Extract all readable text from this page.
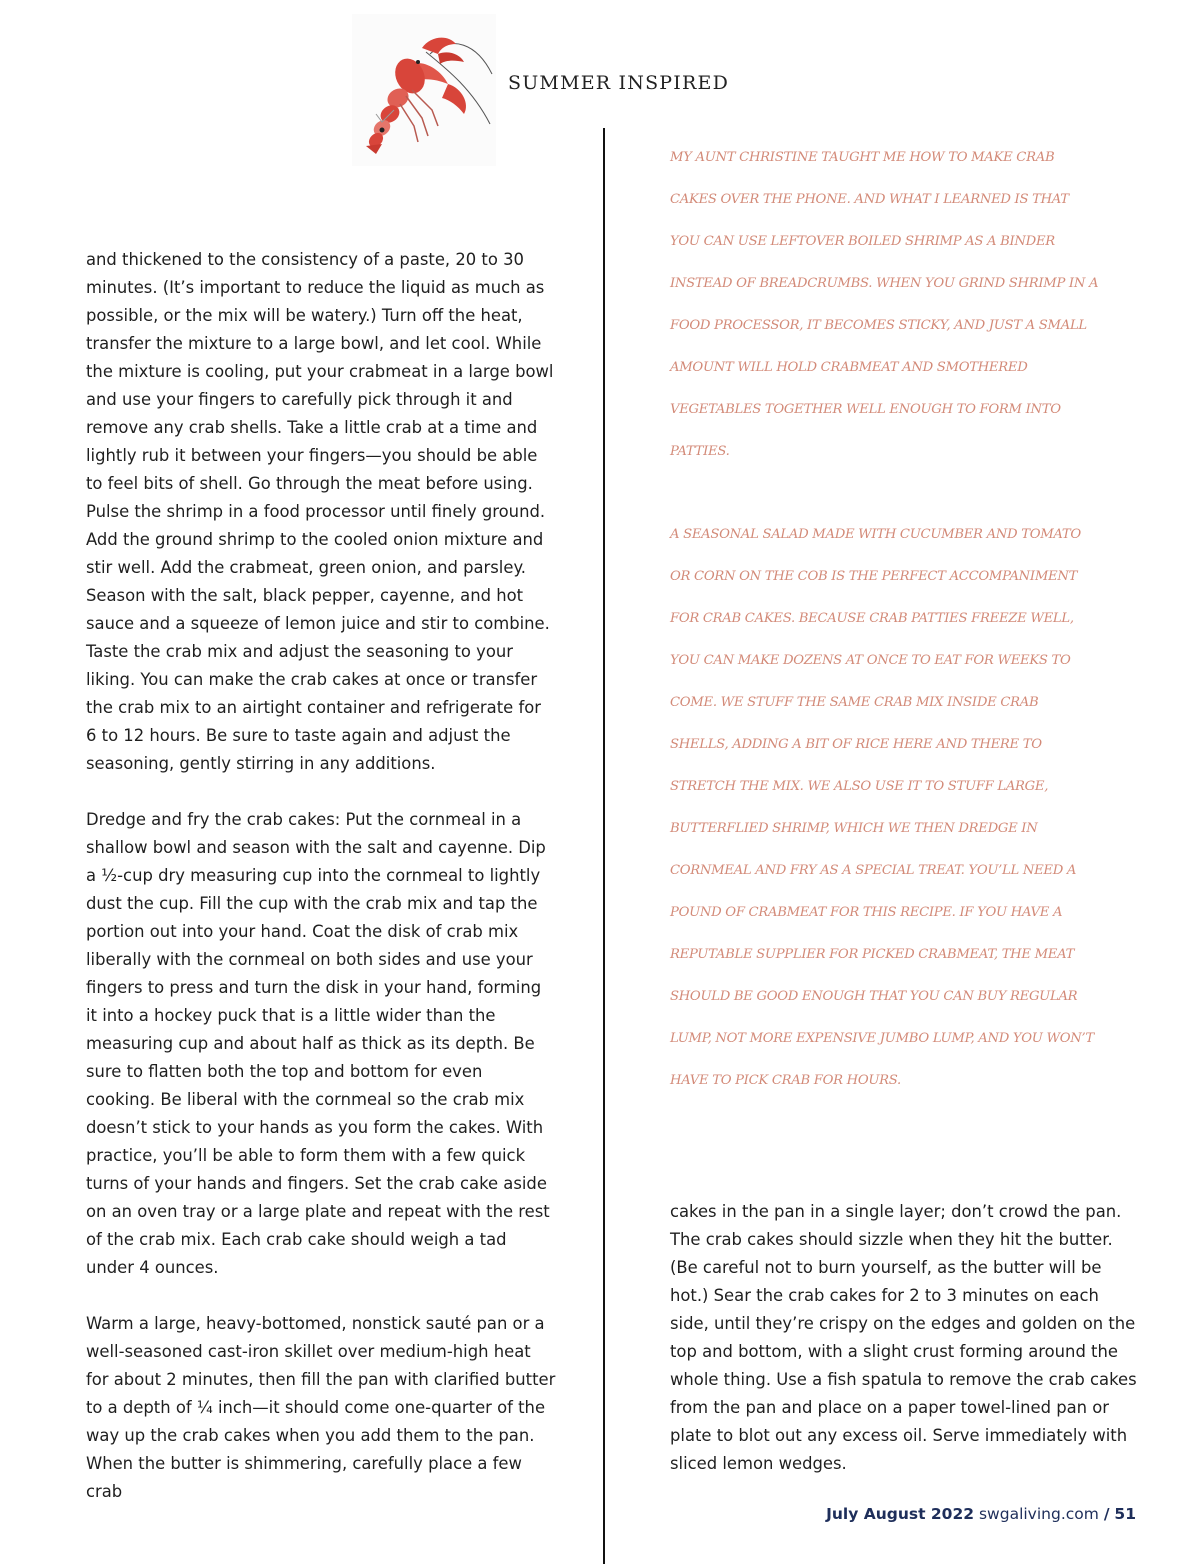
SUMMER INSPIRED

and thickened to the consistency of a paste, 20 to 30 minutes. (It’s important to reduce the liquid as much as possible, or the mix will be watery.) Turn off the heat, transfer the mixture to a large bowl, and let cool. While the mixture is cooling, put your crabmeat in a large bowl and use your fingers to carefully pick through it and remove any crab shells. Take a little crab at a time and lightly rub it between your fingers—you should be able to feel bits of shell. Go through the meat before using. Pulse the shrimp in a food processor until finely ground. Add the ground shrimp to the cooled onion mixture and stir well. Add the crabmeat, green onion, and parsley. Season with the salt, black pepper, cayenne, and hot sauce and a squeeze of lemon juice and stir to combine. Taste the crab mix and adjust the seasoning to your liking. You can make the crab cakes at once or transfer the crab mix to an airtight container and refrigerate for 6 to 12 hours. Be sure to taste again and adjust the seasoning, gently stirring in any additions.

Dredge and fry the crab cakes: Put the cornmeal in a shallow bowl and season with the salt and cayenne. Dip a ½-cup dry measuring cup into the cornmeal to lightly dust the cup. Fill the cup with the crab mix and tap the portion out into your hand. Coat the disk of crab mix liberally with the cornmeal on both sides and use your fingers to press and turn the disk in your hand, forming it into a hockey puck that is a little wider than the measuring cup and about half as thick as its depth. Be sure to flatten both the top and bottom for even cooking. Be liberal with the cornmeal so the crab mix doesn’t stick to your hands as you form the cakes. With practice, you’ll be able to form them with a few quick turns of your hands and fingers. Set the crab cake aside on an oven tray or a large plate and repeat with the rest of the crab mix. Each crab cake should weigh a tad under 4 ounces.

Warm a large, heavy-bottomed, nonstick sauté pan or a well-seasoned cast-iron skillet over medium-high heat for about 2 minutes, then fill the pan with clarified butter to a depth of ¼ inch—it should come one-quarter of the way up the crab cakes when you add them to the pan. When the butter is shimmering, carefully place a few crab

MY AUNT CHRISTINE TAUGHT ME HOW TO MAKE CRAB CAKES OVER THE PHONE. AND WHAT I LEARNED IS THAT YOU CAN USE LEFTOVER BOILED SHRIMP AS A BINDER INSTEAD OF BREADCRUMBS. WHEN YOU GRIND SHRIMP IN A FOOD PROCESSOR, IT BECOMES STICKY, AND JUST A SMALL AMOUNT WILL HOLD CRABMEAT AND SMOTHERED VEGETABLES TOGETHER WELL ENOUGH TO FORM INTO PATTIES.

A SEASONAL SALAD MADE WITH CUCUMBER AND TOMATO OR CORN ON THE COB IS THE PERFECT ACCOMPANIMENT FOR CRAB CAKES. BECAUSE CRAB PATTIES FREEZE WELL, YOU CAN MAKE DOZENS AT ONCE TO EAT FOR WEEKS TO COME. WE STUFF THE SAME CRAB MIX INSIDE CRAB SHELLS, ADDING A BIT OF RICE HERE AND THERE TO STRETCH THE MIX. WE ALSO USE IT TO STUFF LARGE, BUTTERFLIED SHRIMP, WHICH WE THEN DREDGE IN CORNMEAL AND FRY AS A SPECIAL TREAT. YOU’LL NEED A POUND OF CRABMEAT FOR THIS RECIPE. IF YOU HAVE A REPUTABLE SUPPLIER FOR PICKED CRABMEAT, THE MEAT SHOULD BE GOOD ENOUGH THAT YOU CAN BUY REGULAR LUMP, NOT MORE EXPENSIVE JUMBO LUMP, AND YOU WON’T HAVE TO PICK CRAB FOR HOURS.

cakes in the pan in a single layer; don’t crowd the pan. The crab cakes should sizzle when they hit the butter. (Be careful not to burn yourself, as the butter will be hot.) Sear the crab cakes for 2 to 3 minutes on each side, until they’re crispy on the edges and golden on the top and bottom, with a slight crust forming around the whole thing. Use a fish spatula to remove the crab cakes from the pan and place on a paper towel-lined pan or plate to blot out any excess oil. Serve immediately with sliced lemon wedges.

July August 2022 swgaliving.com / 51
